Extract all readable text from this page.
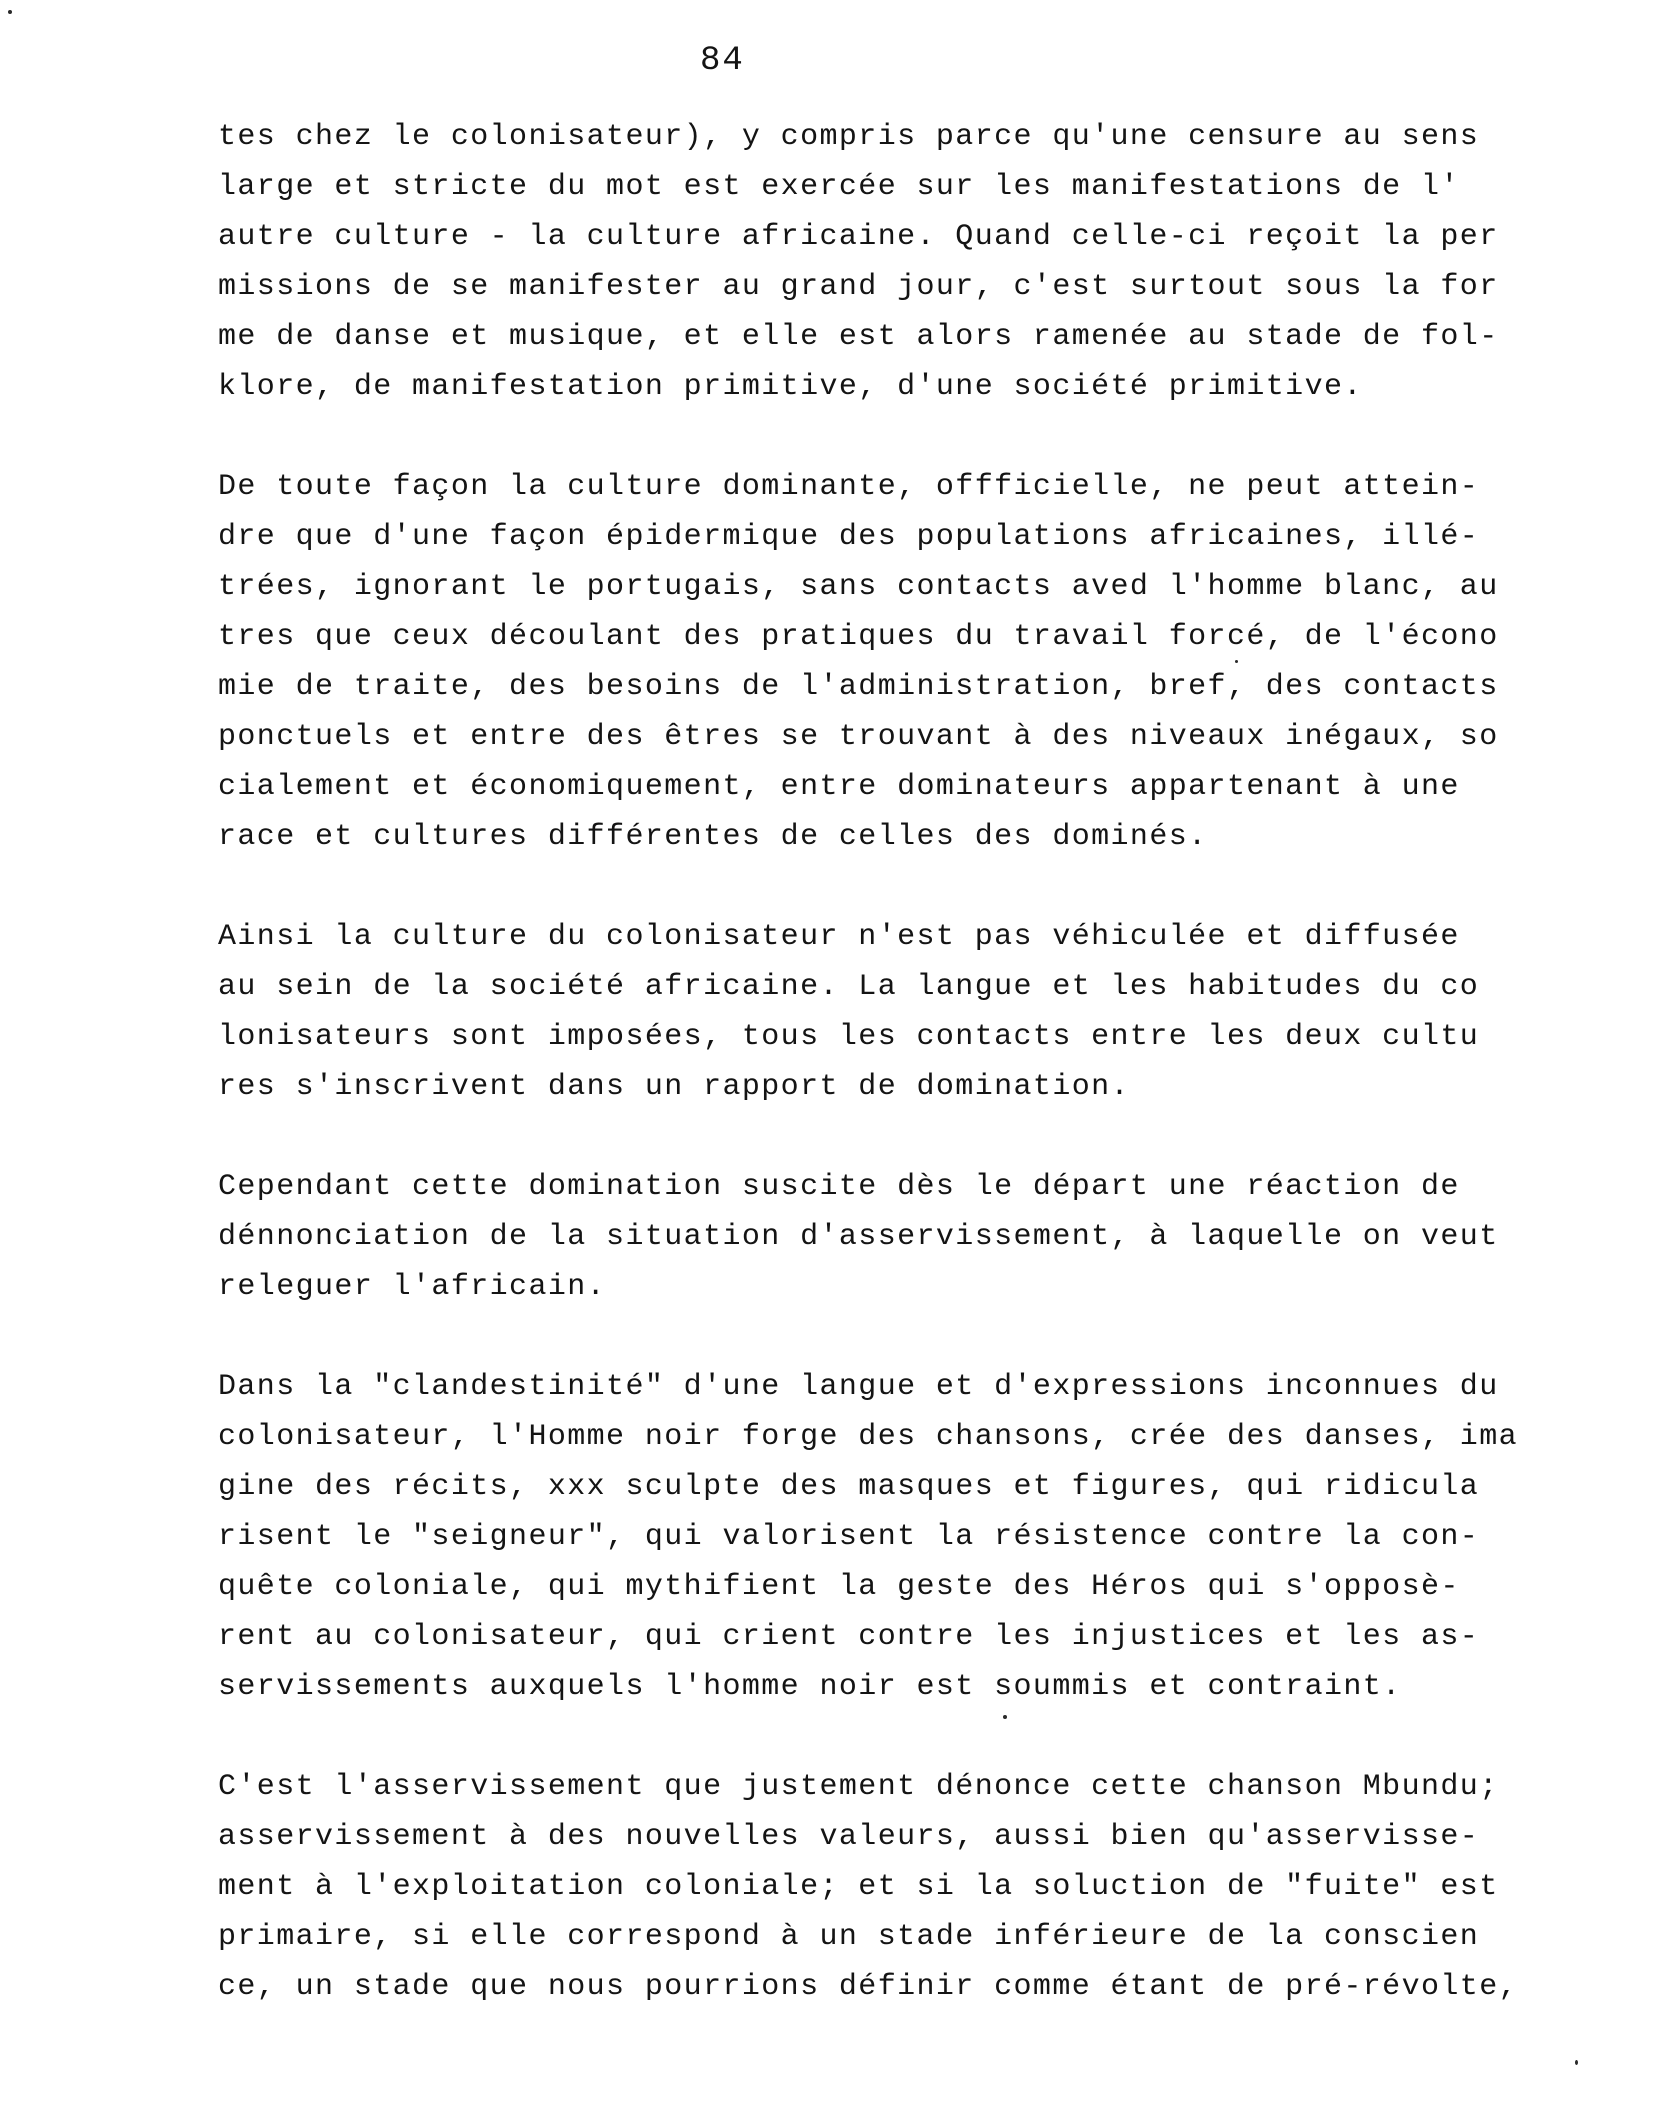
84
tes chez le colonisateur), y compris parce qu'une censure au sens
large et stricte du mot est exercée sur les manifestations de l'
autre culture - la culture africaine. Quand celle-ci reçoit la per
missions de se manifester au grand jour, c'est surtout sous la for
me de danse et musique, et elle est alors ramenée au stade de fol-
klore, de manifestation primitive, d'une société primitive.
De toute façon la culture dominante, offficielle, ne peut attein-
dre que d'une façon épidermique des populations africaines, illé-
trées, ignorant le portugais, sans contacts aved l'homme blanc, au
tres que ceux découlant des pratiques du travail forcé, de l'écono
mie de traite, des besoins de l'administration, bref, des contacts
ponctuels et entre des êtres se trouvant à des niveaux inégaux, so
cialement et économiquement, entre dominateurs appartenant à une
race et cultures différentes de celles des dominés.
Ainsi la culture du colonisateur n'est pas véhiculée et diffusée
au sein de la société africaine. La langue et les habitudes du co
lonisateurs sont imposées, tous les contacts entre les deux cultu
res s'inscrivent dans un rapport de domination.
Cependant cette domination suscite dès le départ une réaction de
dénnonciation de la situation d'asservissement, à laquelle on veut
releguer l'africain.
Dans la "clandestinité" d'une langue et d'expressions inconnues du
colonisateur, l'Homme noir forge des chansons, crée des danses, ima
gine des récits, xxx sculpte des masques et figures, qui ridicula
risent le "seigneur", qui valorisent la résistence contre la con-
quête coloniale, qui mythifient la geste des Héros qui s'opposè-
rent au colonisateur, qui crient contre les injustices et les as-
servissements auxquels l'homme noir est soummis et contraint.
C'est l'asservissement que justement dénonce cette chanson Mbundu;
asservissement à des nouvelles valeurs, aussi bien qu'asservisse-
ment à l'exploitation coloniale; et si la soluction de "fuite" est
primaire, si elle correspond à un stade inférieure de la conscien
ce, un stade que nous pourrions définir comme étant de pré-révolte,
